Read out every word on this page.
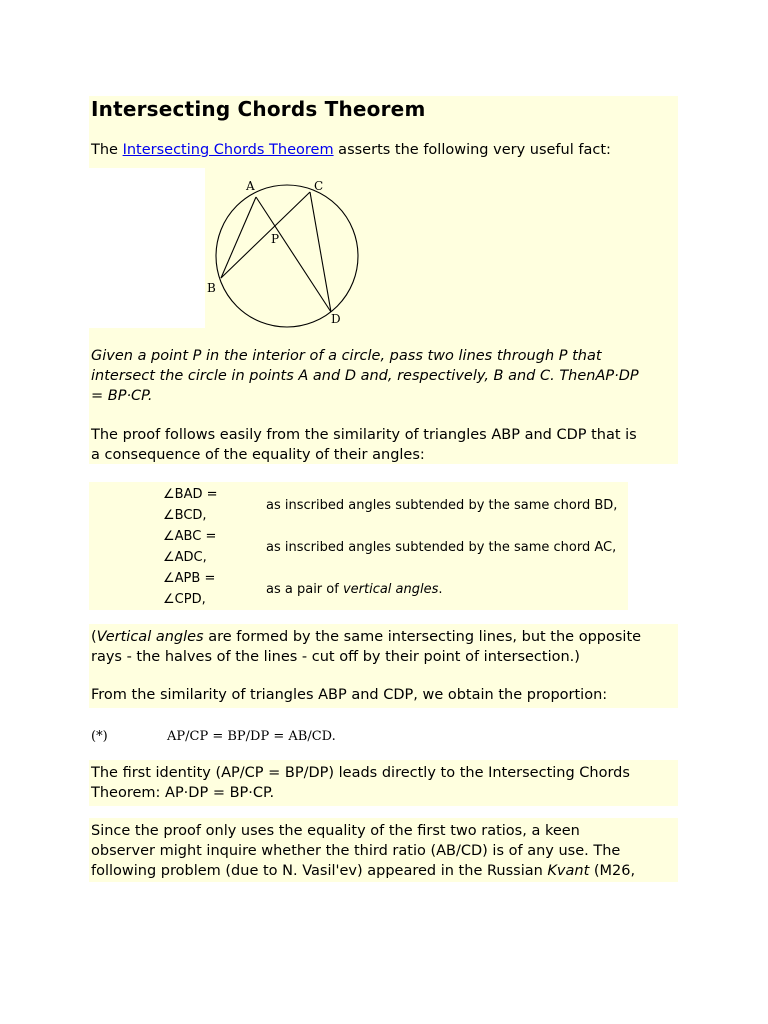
Intersecting Chords Theorem

The Intersecting Chords Theorem asserts the following very useful fact:

A	C
P
B
D
Given a point P in the interior of a circle, pass two lines through P that
intersect the circle in points A and D and, respectively, B and C. ThenAP·DP
= BP·CP.
The proof follows easily from the similarity of triangles ABP and CDP that is
a consequence of the equality of their angles:
∠BAD =
∠BCD,	as inscribed angles subtended by the same chord BD,

∠ABC =
∠ADC,	as inscribed angles subtended by the same chord AC,

∠APB =
∠CPD,	as a pair of vertical angles.
(Vertical angles are formed by the same intersecting lines, but the opposite
rays - the halves of the lines - cut off by their point of intersection.)
From the similarity of triangles ABP and CDP, we obtain the proportion:
(*)	AP/CP = BP/DP = AB/CD.
The first identity (AP/CP = BP/DP) leads directly to the Intersecting Chords
Theorem: AP·DP = BP·CP.
Since the proof only uses the equality of the first two ratios, a keen
observer might inquire whether the third ratio (AB/CD) is of any use. The
following problem (due to N. Vasil'ev) appeared in the Russian Kvant (M26,
